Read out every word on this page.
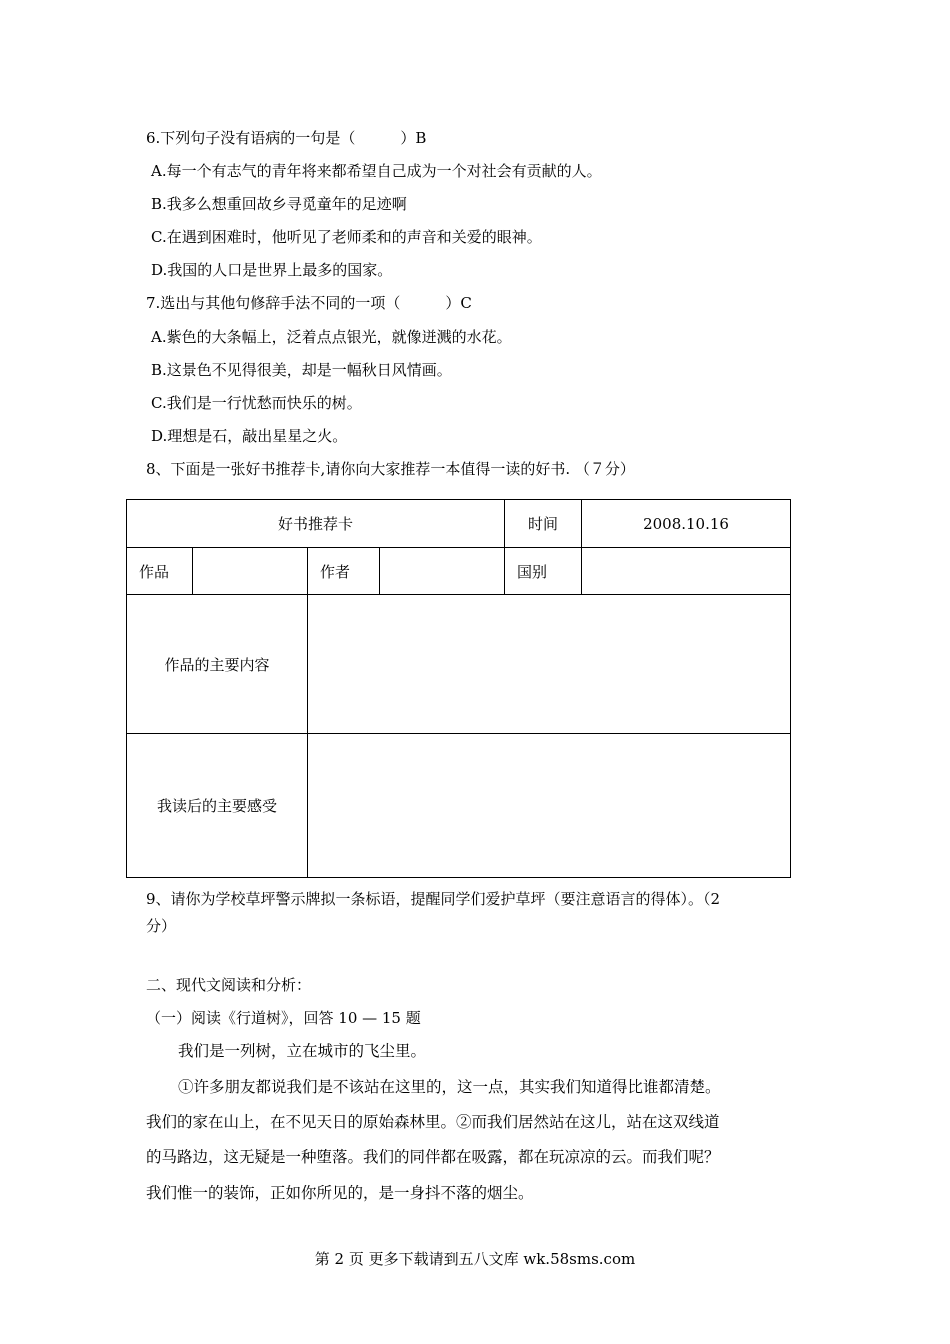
6.下列句子没有语病的一句是（　　　）B
A.每一个有志气的青年将来都希望自己成为一个对社会有贡献的人。
B.我多么想重回故乡寻觅童年的足迹啊
C.在遇到困难时，他听见了老师柔和的声音和关爱的眼神。
D.我国的人口是世界上最多的国家。
7.选出与其他句修辞手法不同的一项（　　　）C
A.紫色的大条幅上，泛着点点银光，就像迸溅的水花。
B.这景色不见得很美，却是一幅秋日风情画。
C.我们是一行忧愁而快乐的树。
D.理想是石，敲出星星之火。
8、下面是一张好书推荐卡,请你向大家推荐一本值得一读的好书. （７分）
好书推荐卡				时间	2008.10.16
作品		作者		国别	
作品的主要内容					
我读后的主要感受					
9、请你为学校草坪警示牌拟一条标语，提醒同学们爱护草坪（要注意语言的得体）。（2
分）
二、现代文阅读和分析：
（一）阅读《行道树》，回答 10 — 15 题
我们是一列树，立在城市的飞尘里。
①许多朋友都说我们是不该站在这里的，这一点，其实我们知道得比谁都清楚。
我们的家在山上，在不见天日的原始森林里。②而我们居然站在这儿，站在这双线道
的马路边，这无疑是一种堕落。我们的同伴都在吸露，都在玩凉凉的云。而我们呢？
我们惟一的装饰，正如你所见的，是一身抖不落的烟尘。
第 2 页 更多下载请到五八文库 wk.58sms.com
